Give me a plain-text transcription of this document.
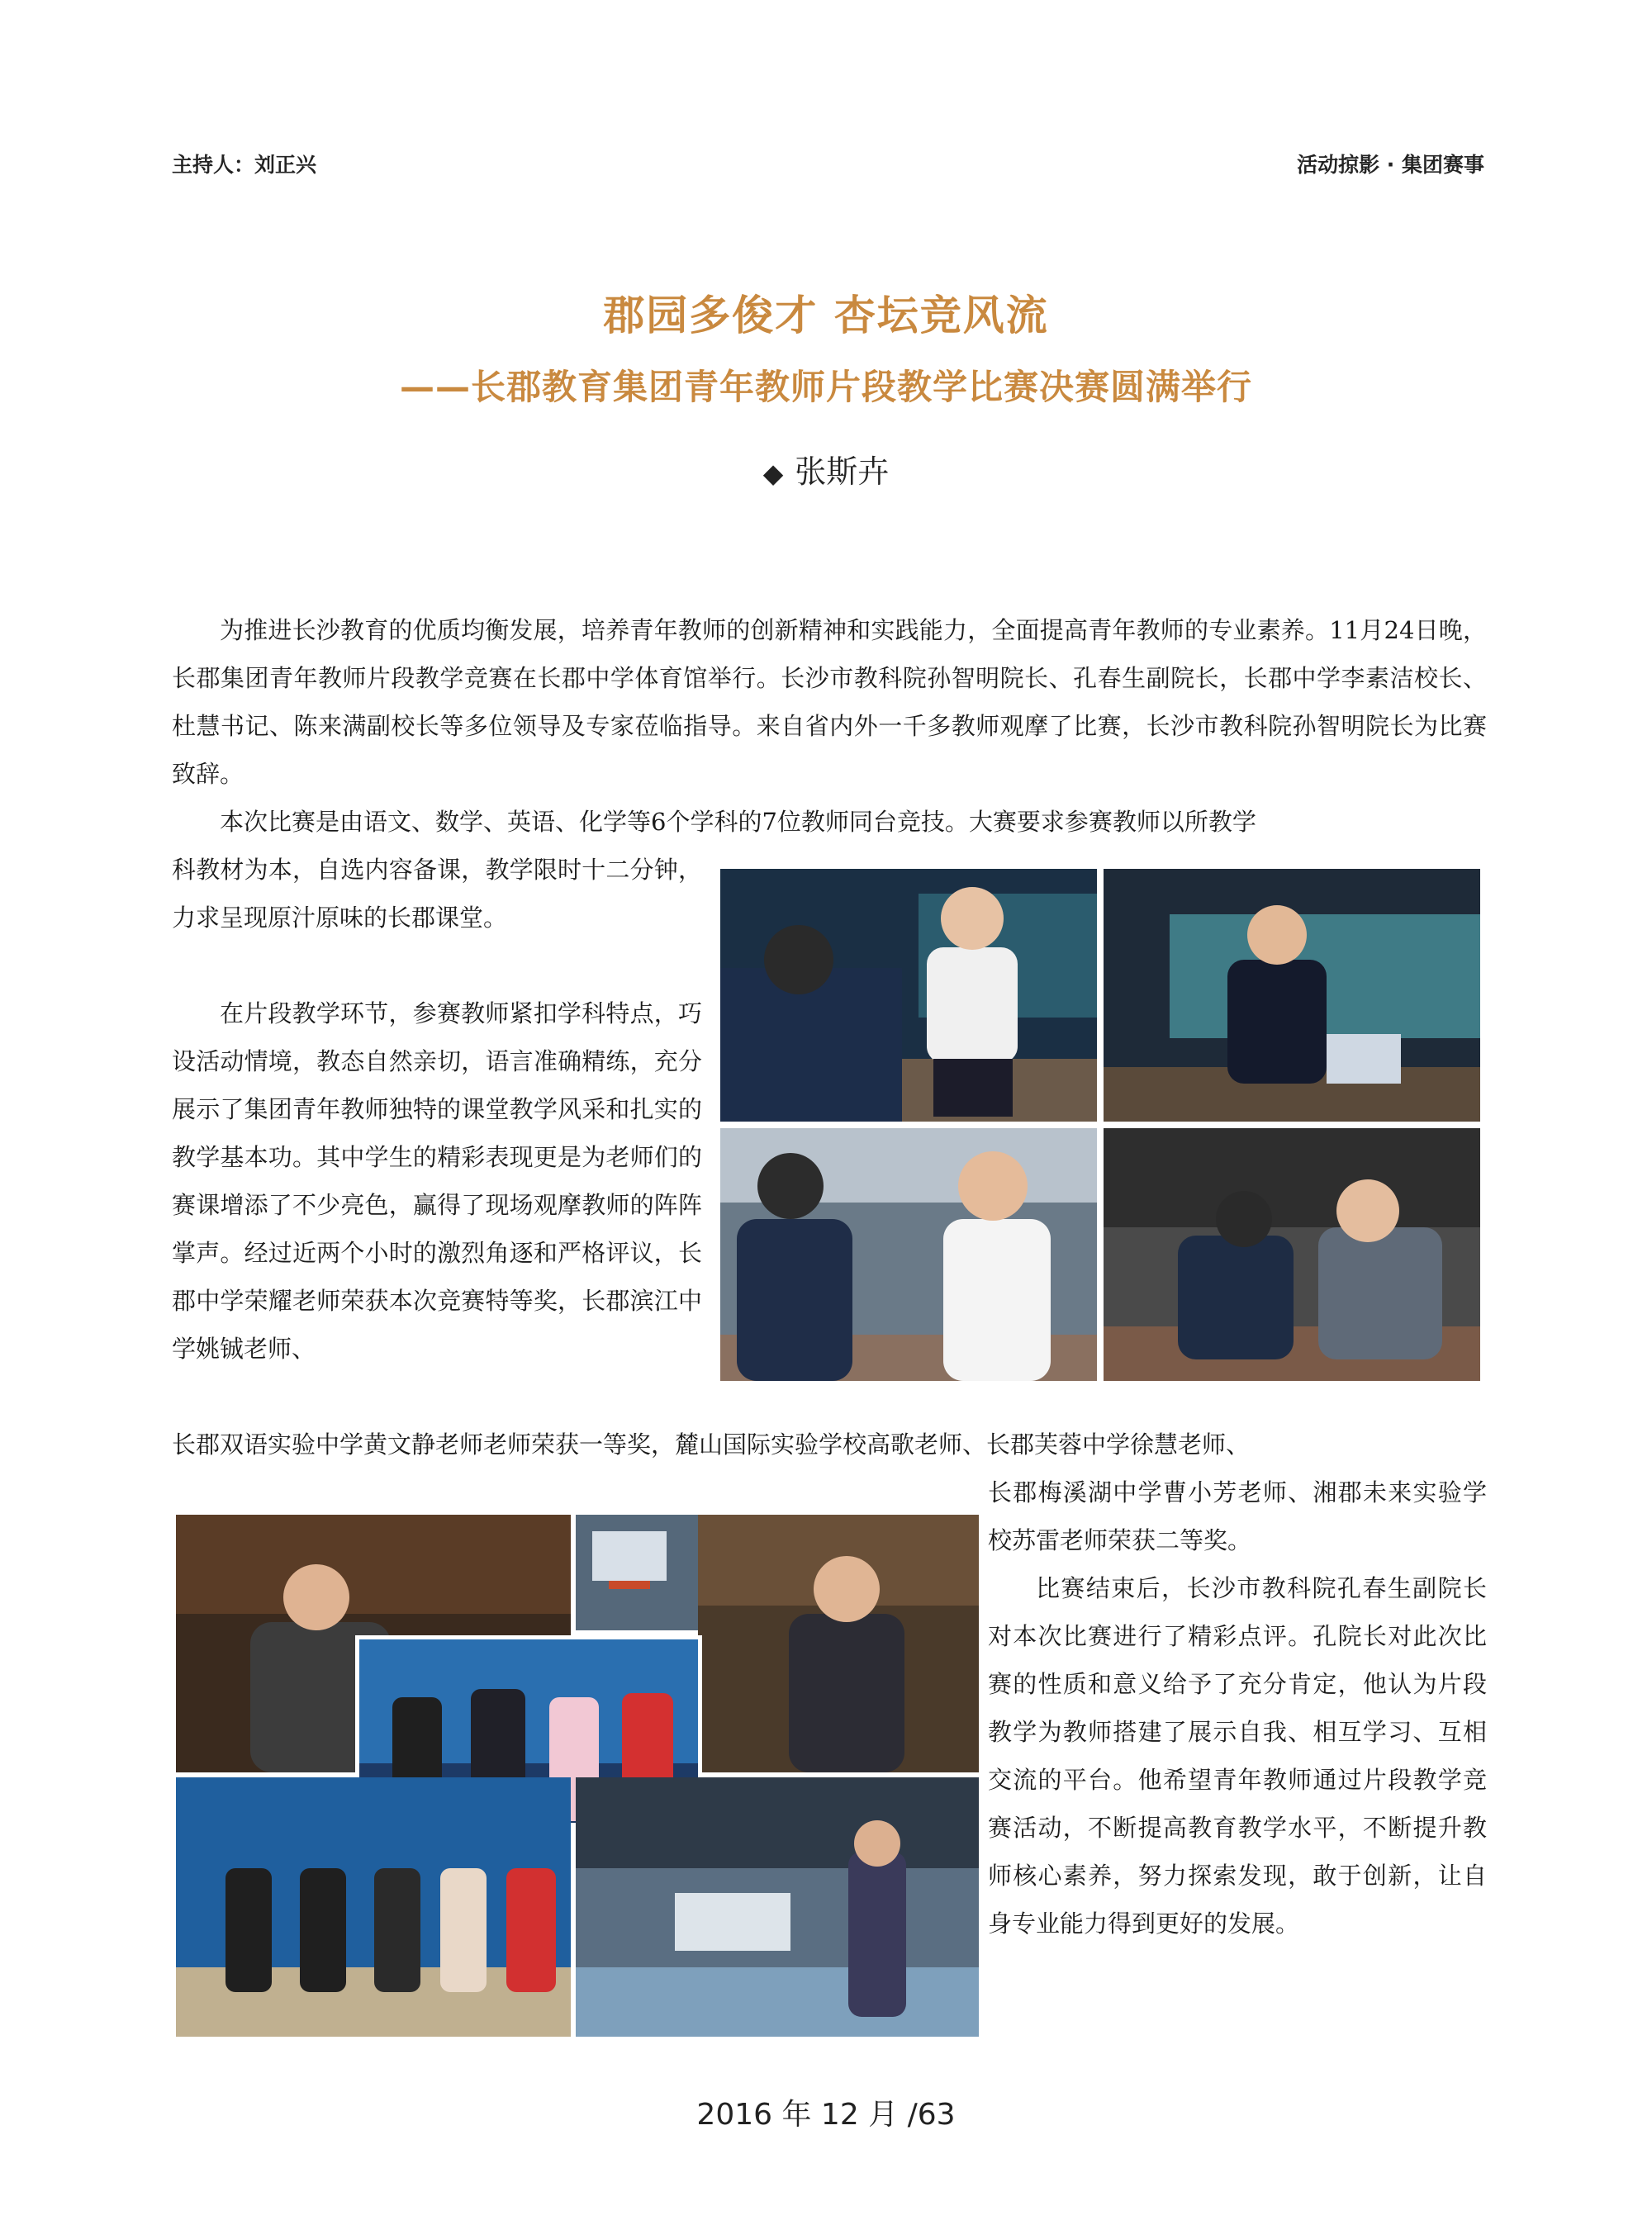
主持人：刘正兴	活动掠影 · 集团赛事
郡园多俊才 杏坛竞风流
——长郡教育集团青年教师片段教学比赛决赛圆满举行
◆ 张斯卉

为推进长沙教育的优质均衡发展，培养青年教师的创新精神和实践能力，全面提高青年教师的专业素养。11月24日晚，长郡集团青年教师片段教学竞赛在长郡中学体育馆举行。长沙市教科院孙智明院长、孔春生副院长，长郡中学李素洁校长、杜慧书记、陈来满副校长等多位领导及专家莅临指导。来自省内外一千多教师观摩了比赛，长沙市教科院孙智明院长为比赛致辞。

本次比赛是由语文、数学、英语、化学等6个学科的7位教师同台竞技。大赛要求参赛教师以所教学

科教材为本，自选内容备课，教学限时十二分钟，力求呈现原汁原味的长郡课堂。

在片段教学环节，参赛教师紧扣学科特点，巧设活动情境，教态自然亲切，语言准确精练，充分展示了集团青年教师独特的课堂教学风采和扎实的教学基本功。其中学生的精彩表现更是为老师们的赛课增添了不少亮色，赢得了现场观摩教师的阵阵掌声。经过近两个小时的激烈角逐和严格评议，长郡中学荣耀老师荣获本次竞赛特等奖，长郡滨江中学姚铖老师、

长郡双语实验中学黄文静老师老师荣获一等奖，麓山国际实验学校高歌老师、长郡芙蓉中学徐慧老师、

长郡梅溪湖中学曹小芳老师、湘郡未来实验学校苏雷老师荣获二等奖。

比赛结束后，长沙市教科院孔春生副院长对本次比赛进行了精彩点评。孔院长对此次比赛的性质和意义给予了充分肯定，他认为片段教学为教师搭建了展示自我、相互学习、互相交流的平台。他希望青年教师通过片段教学竞赛活动，不断提高教育教学水平，不断提升教师核心素养，努力探索发现，敢于创新，让自身专业能力得到更好的发展。

2016 年 12 月 /63
